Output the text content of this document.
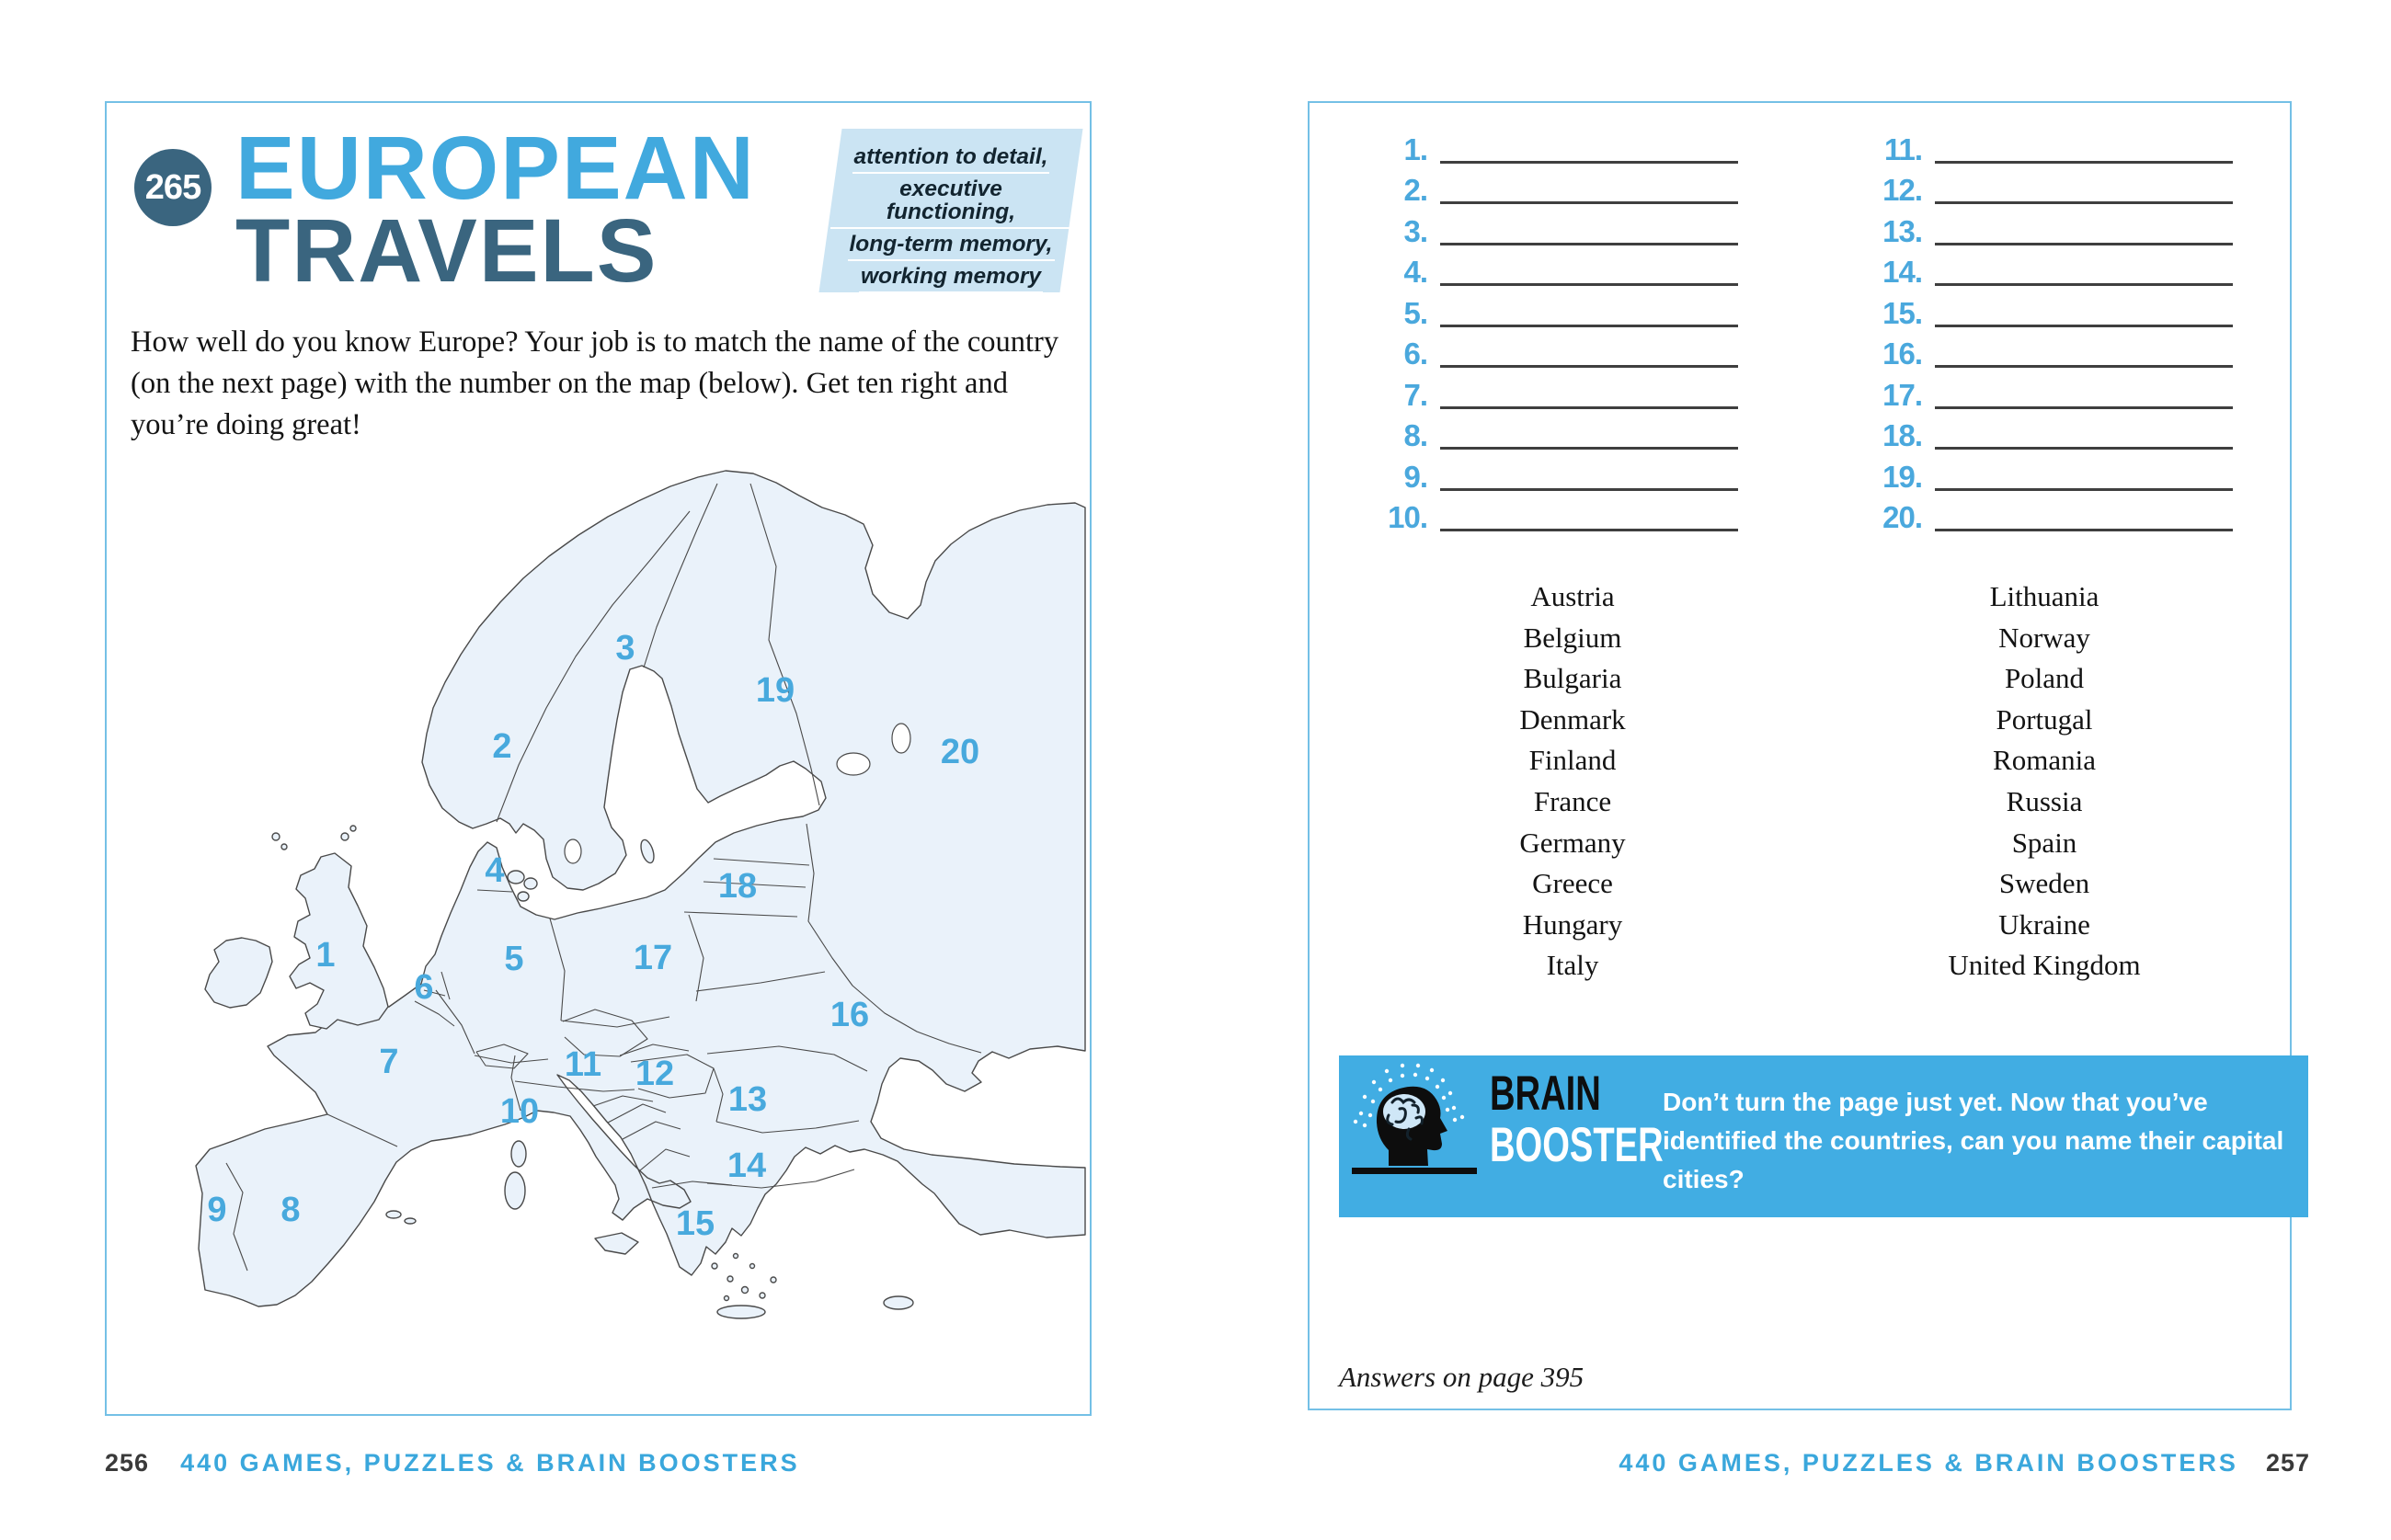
265 EUROPEAN
TRAVELS
attention to detail,
executive functioning,
long-term memory,
working memory
How well do you know Europe? Your job is to match the name of the country
(on the next page) with the number on the map (below). Get ten right and
you’re doing great!
1
2
3
4
5
6
7
8
9
10
11 12
13
14
15
16
17
18
19
20
256 440 GAMES, PUZZLES & BRAIN BOOSTERS
1.
2.
3.
4.
5.
6.
7.
8.
9.
10.
11.
12.
13.
14.
15.
16.
17.
18.
19.
20.
Austria
Belgium
Bulgaria
Denmark
Finland
France
Germany
Greece
Hungary
Italy
Lithuania
Norway
Poland
Portugal
Romania
Russia
Spain
Sweden
Ukraine
United Kingdom
BRAIN
BOOSTER
Don’t turn the page just yet. Now that you’ve identified the countries, can you name their capital cities?
Answers on page 395
440 GAMES, PUZZLES & BRAIN BOOSTERS 257
